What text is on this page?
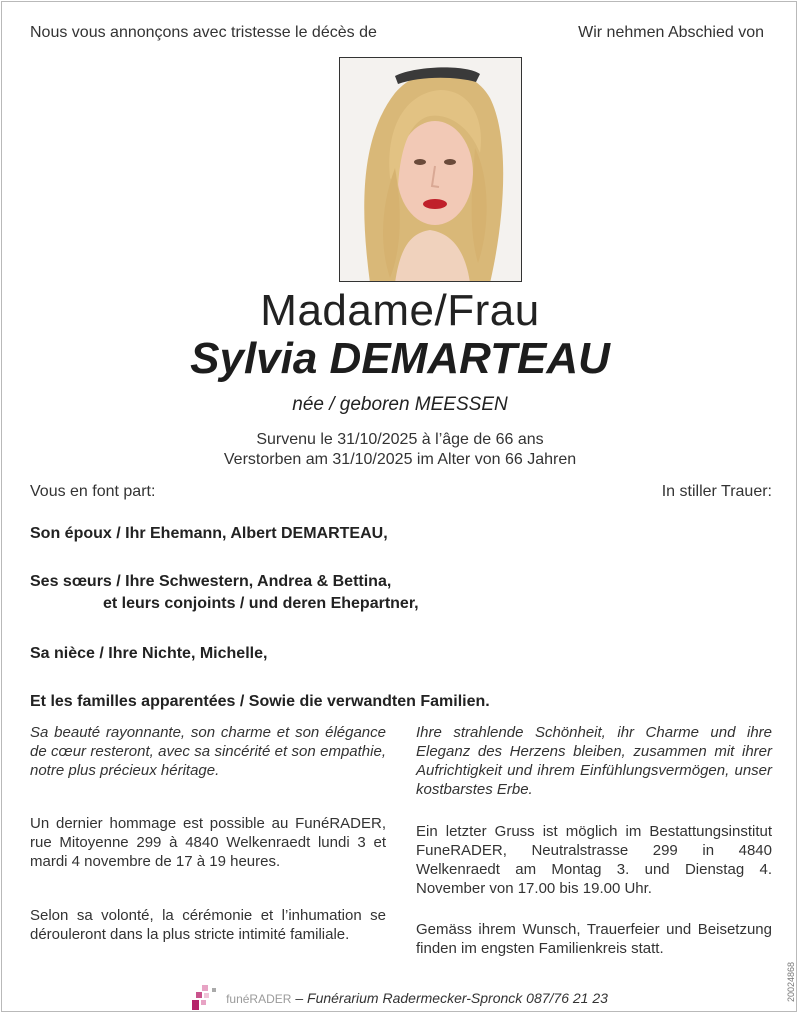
Nous vous annonçons avec tristesse le décès de	Wir nehmen Abschied von
Madame/Frau
Sylvia DEMARTEAU
née / geboren MEESSEN
Survenu le 31/10/2025 à l’âge de 66 ans
Verstorben am 31/10/2025 im Alter von 66 Jahren
Vous en font part:	In stiller Trauer:
Son époux / Ihr Ehemann, Albert DEMARTEAU,
Ses sœurs / Ihre Schwestern, Andrea & Bettina,
et leurs conjoints / und deren Ehepartner,
Sa nièce / Ihre Nichte, Michelle,
Et les familles apparentées / Sowie die verwandten Familien.

Sa beauté rayonnante, son charme et son élégance de cœur resteront, avec sa sincérité et son empathie, notre plus précieux héritage.

Un dernier hommage est possible au FunéRADER, rue Mitoyenne 299 à 4840 Welkenraedt lundi 3 et mardi 4 novembre de 17 à 19 heures.

Selon sa volonté, la cérémonie et l’inhumation se dérouleront dans la plus stricte intimité familiale.

Ihre strahlende Schönheit, ihr Charme und ihre Eleganz des Herzens bleiben, zusammen mit ihrer Aufrichtigkeit und ihrem Einfühlungsvermögen, unser kostbarstes Erbe.

Ein letzter Gruss ist möglich im Bestattungsinstitut FuneRADER, Neutralstrasse 299 in 4840 Welkenraedt am Montag 3. und Dienstag 4. November von 17.00 bis 19.00 Uhr.

Gemäss ihrem Wunsch, Trauerfeier und Beisetzung finden im engsten Familienkreis statt.

funéRADER – Funérarium Radermecker-Spronck 087/76 21 23	20024868
